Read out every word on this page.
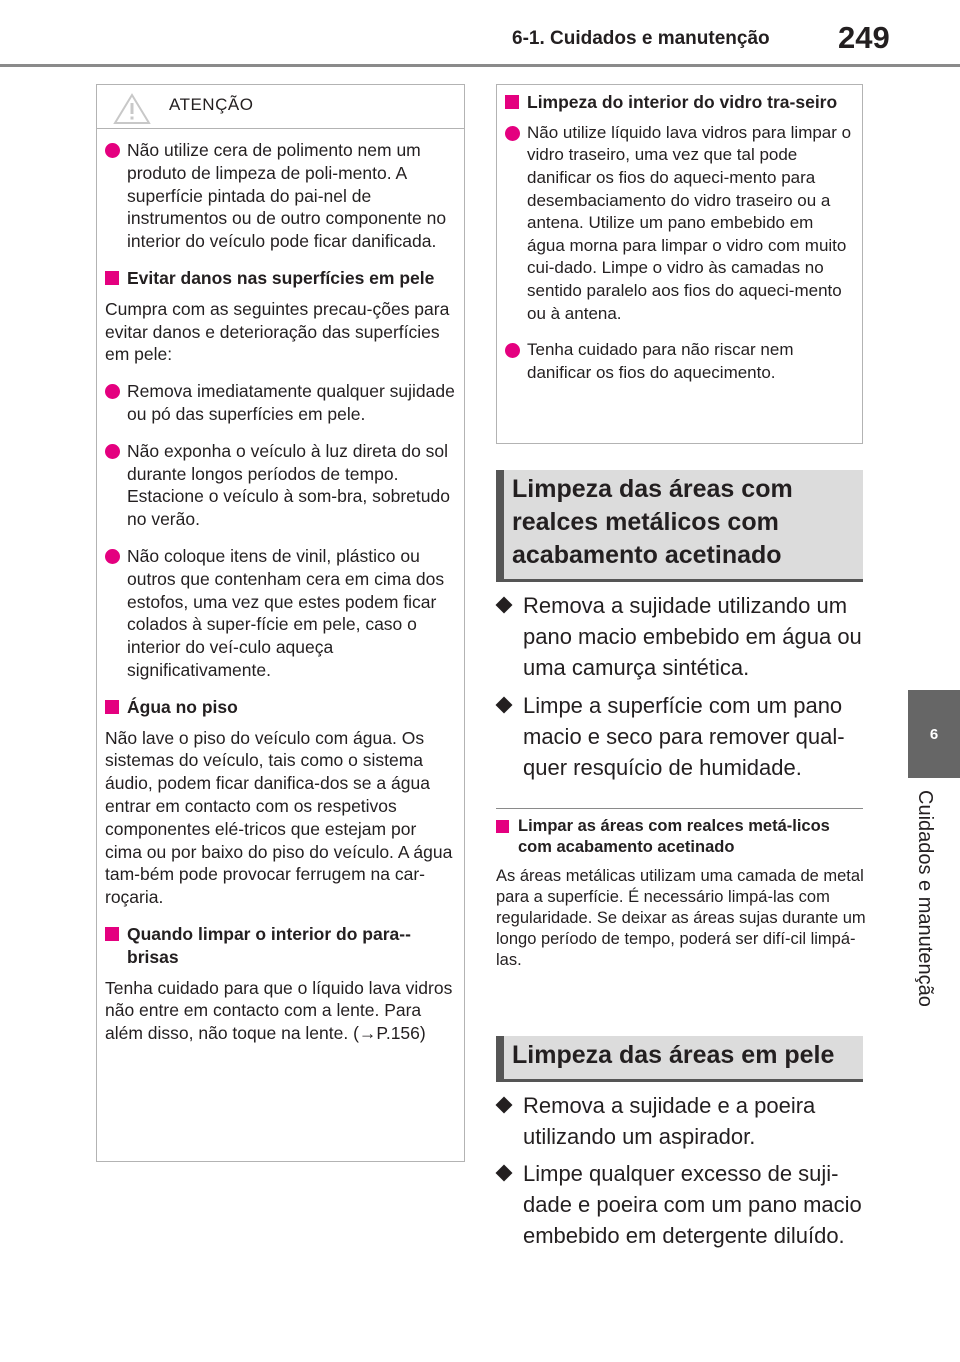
6-1. Cuidados e manutenção 249
6
Cuidados e manutenção
ATENÇÃO
Não utilize cera de polimento nem um produto de limpeza de poli-mento. A superfície pintada do pai-nel de instrumentos ou de outro componente no interior do veículo pode ficar danificada.
Evitar danos nas superfícies em pele
Cumpra com as seguintes precau-ções para evitar danos e deterioração das superfícies em pele:
Remova imediatamente qualquer sujidade ou pó das superfícies em pele.
Não exponha o veículo à luz direta do sol durante longos períodos de tempo. Estacione o veículo à som-bra, sobretudo no verão.
Não coloque itens de vinil, plástico ou outros que contenham cera em cima dos estofos, uma vez que estes podem ficar colados à super-fície em pele, caso o interior do veí-culo aqueça significativamente.
Água no piso
Não lave o piso do veículo com água. Os sistemas do veículo, tais como o sistema áudio, podem ficar danifica-dos se a água entrar em contacto com os respetivos componentes elé-tricos que estejam por cima ou por baixo do piso do veículo. A água tam-bém pode provocar ferrugem na car-roçaria.
Quando limpar o interior do para--brisas
Tenha cuidado para que o líquido lava vidros não entre em contacto com a lente. Para além disso, não toque na lente. (→P.156)
Limpeza do interior do vidro tra-seiro
Não utilize líquido lava vidros para limpar o vidro traseiro, uma vez que tal pode danificar os fios do aqueci-mento para desembaciamento do vidro traseiro ou a antena. Utilize um pano embebido em água morna para limpar o vidro com muito cui-dado. Limpe o vidro às camadas no sentido paralelo aos fios do aqueci-mento ou à antena.
Tenha cuidado para não riscar nem danificar os fios do aquecimento.
Limpeza das áreas com realces metálicos com acabamento acetinado
Remova a sujidade utilizando um pano macio embebido em água ou uma camurça sintética.
Limpe a superfície com um pano macio e seco para remover qual-quer resquício de humidade.
Limpar as áreas com realces metá-licos com acabamento acetinado
As áreas metálicas utilizam uma camada de metal para a superfície. É necessário limpá-las com regularidade. Se deixar as áreas sujas durante um longo período de tempo, poderá ser difí-cil limpá-las.
Limpeza das áreas em pele
Remova a sujidade e a poeira utilizando um aspirador.
Limpe qualquer excesso de suji-dade e poeira com um pano macio embebido em detergente diluído.
